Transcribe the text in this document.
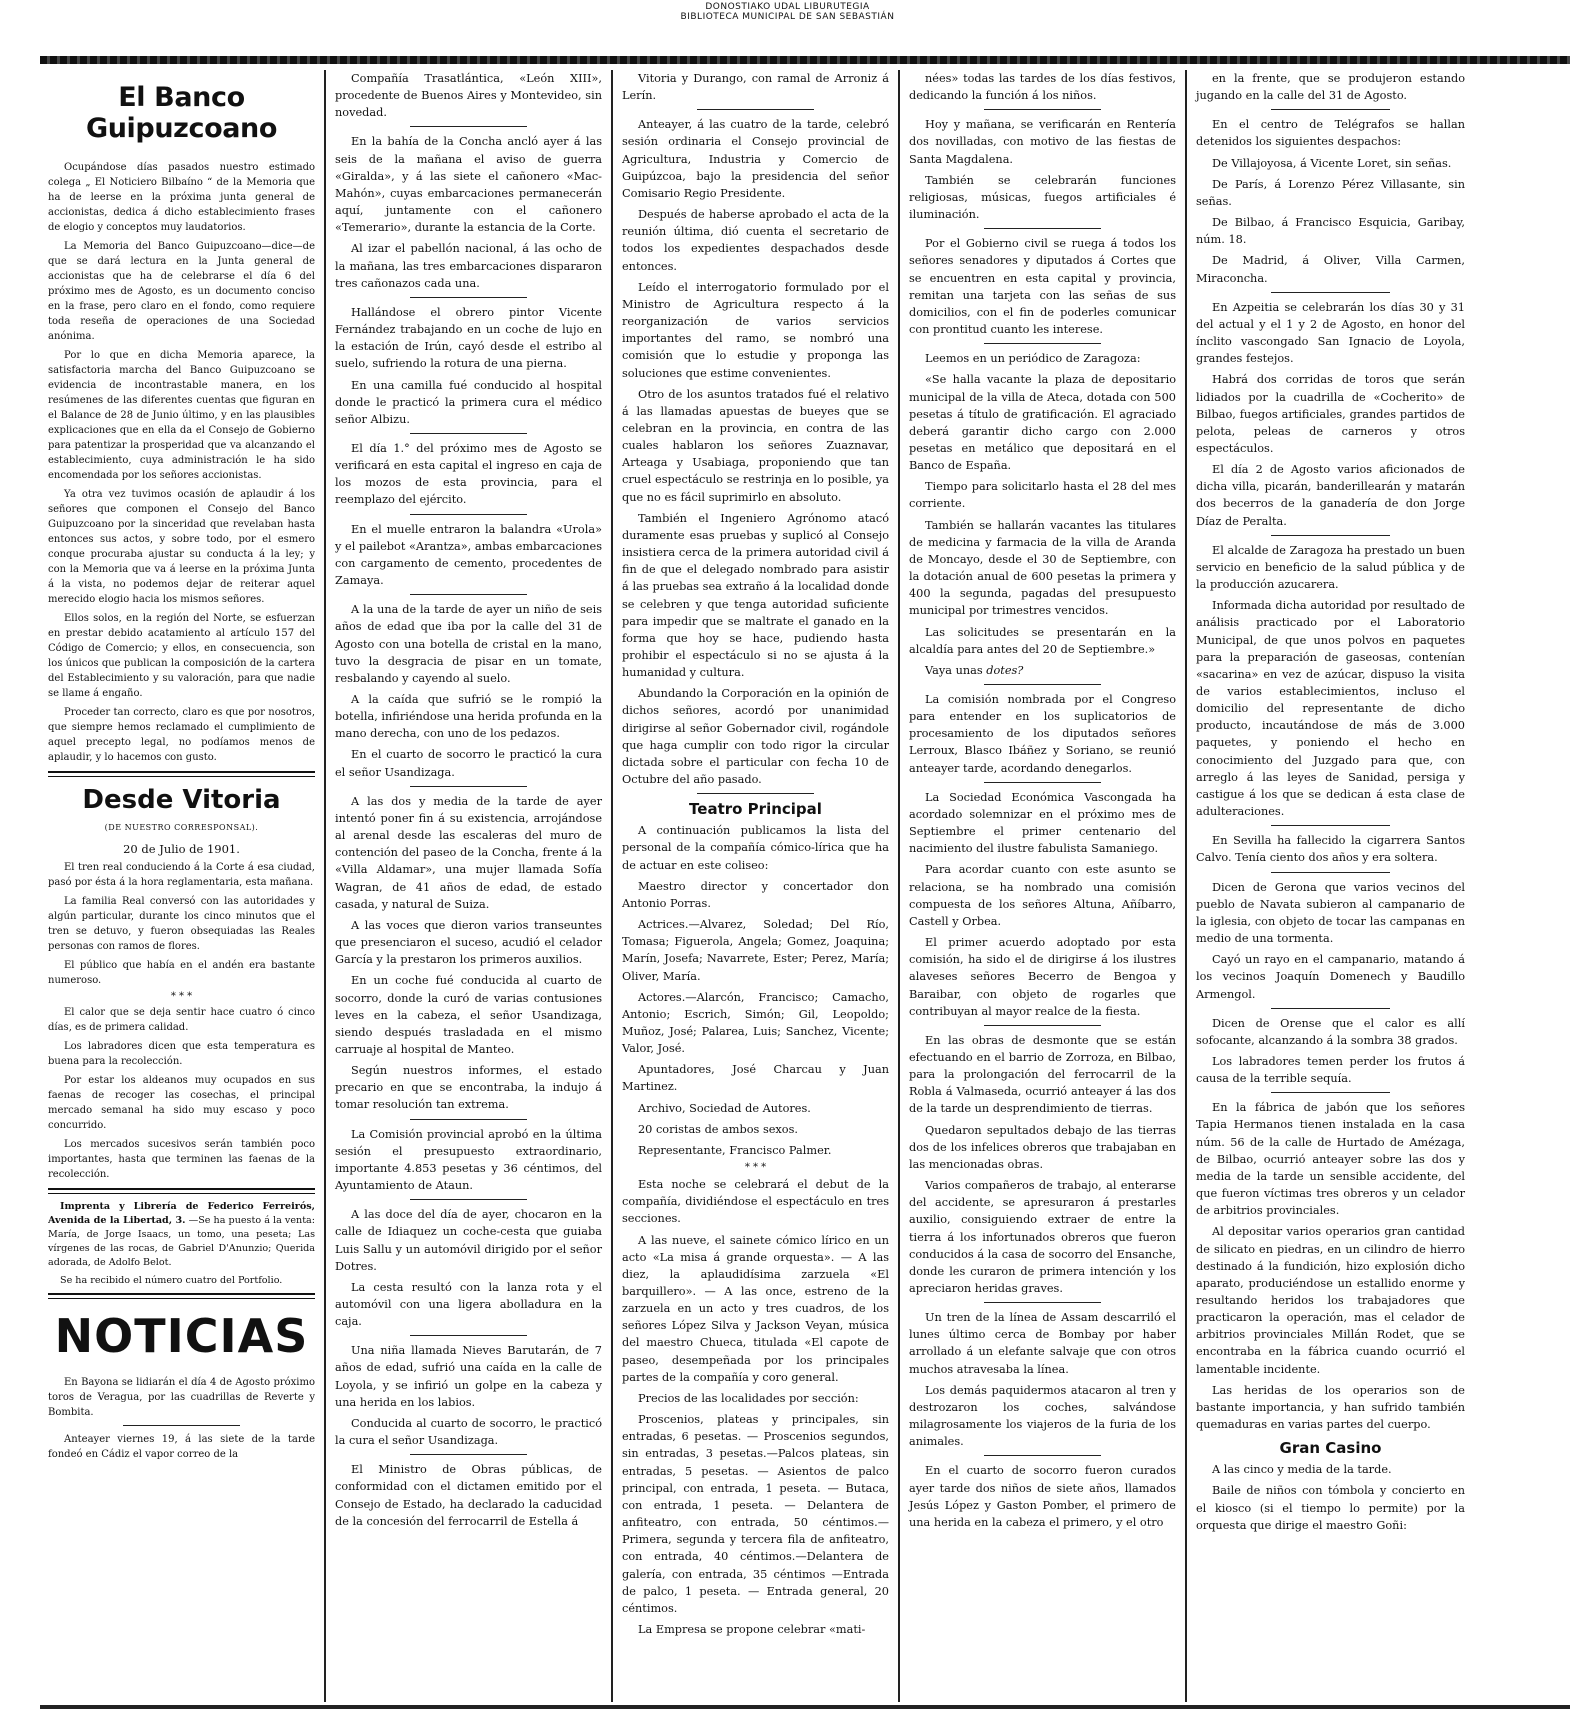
DONOSTIAKO UDAL LIBURUTEGIA
BIBLIOTECA MUNICIPAL DE SAN SEBASTIÁN
El Banco Guipuzcoano

Ocupándose días pasados nuestro estimado colega „ El Noticiero Bilbaíno “ de la Memoria que ha de leerse en la próxima junta general de accionistas, dedica á dicho establecimiento frases de elogio y conceptos muy laudatorios.

La Memoria del Banco Guipuzcoano—dice—de que se dará lectura en la Junta general de accionistas que ha de celebrarse el día 6 del próximo mes de Agosto, es un documento conciso en la frase, pero claro en el fondo, como requiere toda reseña de operaciones de una Sociedad anónima.

Por lo que en dicha Memoria aparece, la satisfactoria marcha del Banco Guipuzcoano se evidencia de incontrastable manera, en los resúmenes de las diferentes cuentas que figuran en el Balance de 28 de Junio último, y en las plausibles explicaciones que en ella da el Consejo de Gobierno para patentizar la prosperidad que va alcanzando el establecimiento, cuya administración le ha sido encomendada por los señores accionistas.

Ya otra vez tuvimos ocasión de aplaudir á los señores que componen el Consejo del Banco Guipuzcoano por la sinceridad que revelaban hasta entonces sus actos, y sobre todo, por el esmero conque procuraba ajustar su conducta á la ley; y con la Memoria que va á leerse en la próxima Junta á la vista, no podemos dejar de reiterar aquel merecido elogio hacia los mismos señores.

Ellos solos, en la región del Norte, se esfuerzan en prestar debido acatamiento al artículo 157 del Código de Comercio; y ellos, en consecuencia, son los únicos que publican la composición de la cartera del Establecimiento y su valoración, para que nadie se llame á engaño.

Proceder tan correcto, claro es que por nosotros, que siempre hemos reclamado el cumplimiento de aquel precepto legal, no podíamos menos de aplaudir, y lo hacemos con gusto.

Desde Vitoria
(DE NUESTRO CORRESPONSAL).
20 de Julio de 1901.

El tren real conduciendo á la Corte á esa ciudad, pasó por ésta á la hora reglamentaria, esta mañana.

La familia Real conversó con las autoridades y algún particular, durante los cinco minutos que el tren se detuvo, y fueron obsequiadas las Reales personas con ramos de flores.

El público que había en el andén era bastante numeroso.

* * *

El calor que se deja sentir hace cuatro ó cinco días, es de primera calidad.

Los labradores dicen que esta temperatura es buena para la recolección.

Por estar los aldeanos muy ocupados en sus faenas de recoger las cosechas, el principal mercado semanal ha sido muy escaso y poco concurrido.

Los mercados sucesivos serán también poco importantes, hasta que terminen las faenas de la recolección.

Imprenta y Librería de Federico Ferreirós, Avenida de la Libertad, 3. —Se ha puesto á la venta: María, de Jorge Isaacs, un tomo, una peseta; Las vírgenes de las rocas, de Gabriel D'Anunzio; Querida adorada, de Adolfo Belot.

Se ha recibido el número cuatro del Portfolio.

NOTICIAS

En Bayona se lidiarán el día 4 de Agosto próximo toros de Veragua, por las cuadrillas de Reverte y Bombita.

Anteayer viernes 19, á las siete de la tarde fondeó en Cádiz el vapor correo de la

Compañía Trasatlántica, «León XIII», procedente de Buenos Aires y Montevideo, sin novedad.

En la bahía de la Concha ancló ayer á las seis de la mañana el aviso de guerra «Giralda», y á las siete el cañonero «Mac-Mahón», cuyas embarcaciones permanecerán aquí, juntamente con el cañonero «Temerario», durante la estancia de la Corte.

Al izar el pabellón nacional, á las ocho de la mañana, las tres embarcaciones dispararon tres cañonazos cada una.

Hallándose el obrero pintor Vicente Fernández trabajando en un coche de lujo en la estación de Irún, cayó desde el estribo al suelo, sufriendo la rotura de una pierna.

En una camilla fué conducido al hospital donde le practicó la primera cura el médico señor Albizu.

El día 1.° del próximo mes de Agosto se verificará en esta capital el ingreso en caja de los mozos de esta provincia, para el reemplazo del ejército.

En el muelle entraron la balandra «Urola» y el pailebot «Arantza», ambas embarcaciones con cargamento de cemento, procedentes de Zamaya.

A la una de la tarde de ayer un niño de seis años de edad que iba por la calle del 31 de Agosto con una botella de cristal en la mano, tuvo la desgracia de pisar en un tomate, resbalando y cayendo al suelo.

A la caída que sufrió se le rompió la botella, infiriéndose una herida profunda en la mano derecha, con uno de los pedazos.

En el cuarto de socorro le practicó la cura el señor Usandizaga.

A las dos y media de la tarde de ayer intentó poner fin á su existencia, arrojándose al arenal desde las escaleras del muro de contención del paseo de la Concha, frente á la «Villa Aldamar», una mujer llamada Sofía Wagran, de 41 años de edad, de estado casada, y natural de Suiza.

A las voces que dieron varios transeuntes que presenciaron el suceso, acudió el celador García y la prestaron los primeros auxilios.

En un coche fué conducida al cuarto de socorro, donde la curó de varias contusiones leves en la cabeza, el señor Usandizaga, siendo después trasladada en el mismo carruaje al hospital de Manteo.

Según nuestros informes, el estado precario en que se encontraba, la indujo á tomar resolución tan extrema.

La Comisión provincial aprobó en la última sesión el presupuesto extraordinario, importante 4.853 pesetas y 36 céntimos, del Ayuntamiento de Ataun.

A las doce del día de ayer, chocaron en la calle de Idiaquez un coche-cesta que guiaba Luis Sallu y un automóvil dirigido por el señor Dotres.

La cesta resultó con la lanza rota y el automóvil con una ligera abolladura en la caja.

Una niña llamada Nieves Barutarán, de 7 años de edad, sufrió una caída en la calle de Loyola, y se infirió un golpe en la cabeza y una herida en los labios.

Conducida al cuarto de socorro, le practicó la cura el señor Usandizaga.

El Ministro de Obras públicas, de conformidad con el dictamen emitido por el Consejo de Estado, ha declarado la caducidad de la concesión del ferrocarril de Estella á

Vitoria y Durango, con ramal de Arroniz á Lerín.

Anteayer, á las cuatro de la tarde, celebró sesión ordinaria el Consejo provincial de Agricultura, Industria y Comercio de Guipúzcoa, bajo la presidencia del señor Comisario Regio Presidente.

Después de haberse aprobado el acta de la reunión última, dió cuenta el secretario de todos los expedientes despachados desde entonces.

Leído el interrogatorio formulado por el Ministro de Agricultura respecto á la reorganización de varios servicios importantes del ramo, se nombró una comisión que lo estudie y proponga las soluciones que estime convenientes.

Otro de los asuntos tratados fué el relativo á las llamadas apuestas de bueyes que se celebran en la provincia, en contra de las cuales hablaron los señores Zuaznavar, Arteaga y Usabiaga, proponiendo que tan cruel espectáculo se restrinja en lo posible, ya que no es fácil suprimirlo en absoluto.

También el Ingeniero Agrónomo atacó duramente esas pruebas y suplicó al Consejo insistiera cerca de la primera autoridad civil á fin de que el delegado nombrado para asistir á las pruebas sea extraño á la localidad donde se celebren y que tenga autoridad suficiente para impedir que se maltrate el ganado en la forma que hoy se hace, pudiendo hasta prohibir el espectáculo si no se ajusta á la humanidad y cultura.

Abundando la Corporación en la opinión de dichos señores, acordó por unanimidad dirigirse al señor Gobernador civil, rogándole que haga cumplir con todo rigor la circular dictada sobre el particular con fecha 10 de Octubre del año pasado.

Teatro Principal

A continuación publicamos la lista del personal de la compañía cómico-lírica que ha de actuar en este coliseo:

Maestro director y concertador don Antonio Porras.

Actrices.—Alvarez, Soledad; Del Río, Tomasa; Figuerola, Angela; Gomez, Joaquina; Marín, Josefa; Navarrete, Ester; Perez, María; Oliver, María.

Actores.—Alarcón, Francisco; Camacho, Antonio; Escrich, Simón; Gil, Leopoldo; Muñoz, José; Palarea, Luis; Sanchez, Vicente; Valor, José.

Apuntadores, José Charcau y Juan Martinez.

Archivo, Sociedad de Autores.

20 coristas de ambos sexos.

Representante, Francisco Palmer.

* * *

Esta noche se celebrará el debut de la compañía, dividiéndose el espectáculo en tres secciones.

A las nueve, el sainete cómico lírico en un acto «La misa á grande orquesta». — A las diez, la aplaudidísima zarzuela «El barquillero». — A las once, estreno de la zarzuela en un acto y tres cuadros, de los señores López Silva y Jackson Veyan, música del maestro Chueca, titulada «El capote de paseo, desempeñada por los principales partes de la compañía y coro general.

Precios de las localidades por sección:

Proscenios, plateas y principales, sin entradas, 6 pesetas. — Proscenios segundos, sin entradas, 3 pesetas.—Palcos plateas, sin entradas, 5 pesetas. — Asientos de palco principal, con entrada, 1 peseta. — Butaca, con entrada, 1 peseta. — Delantera de anfiteatro, con entrada, 50 céntimos.—Primera, segunda y tercera fila de anfiteatro, con entrada, 40 céntimos.—Delantera de galería, con entrada, 35 céntimos —Entrada de palco, 1 peseta. — Entrada general, 20 céntimos.

La Empresa se propone celebrar «mati-

nées» todas las tardes de los días festivos, dedicando la función á los niños.

Hoy y mañana, se verificarán en Rentería dos novilladas, con motivo de las fiestas de Santa Magdalena.

También se celebrarán funciones religiosas, músicas, fuegos artificiales é iluminación.

Por el Gobierno civil se ruega á todos los señores senadores y diputados á Cortes que se encuentren en esta capital y provincia, remitan una tarjeta con las señas de sus domicilios, con el fin de poderles comunicar con prontitud cuanto les interese.

Leemos en un periódico de Zaragoza:

«Se halla vacante la plaza de depositario municipal de la villa de Ateca, dotada con 500 pesetas á título de gratificación. El agraciado deberá garantir dicho cargo con 2.000 pesetas en metálico que depositará en el Banco de España.

Tiempo para solicitarlo hasta el 28 del mes corriente.

También se hallarán vacantes las titulares de medicina y farmacia de la villa de Aranda de Moncayo, desde el 30 de Septiembre, con la dotación anual de 600 pesetas la primera y 400 la segunda, pagadas del presupuesto municipal por trimestres vencidos.

Las solicitudes se presentarán en la alcaldía para antes del 20 de Septiembre.»

Vaya unas dotes?

La comisión nombrada por el Congreso para entender en los suplicatorios de procesamiento de los diputados señores Lerroux, Blasco Ibáñez y Soriano, se reunió anteayer tarde, acordando denegarlos.

La Sociedad Económica Vascongada ha acordado solemnizar en el próximo mes de Septiembre el primer centenario del nacimiento del ilustre fabulista Samaniego.

Para acordar cuanto con este asunto se relaciona, se ha nombrado una comisión compuesta de los señores Altuna, Añíbarro, Castell y Orbea.

El primer acuerdo adoptado por esta comisión, ha sido el de dirigirse á los ilustres alaveses señores Becerro de Bengoa y Baraibar, con objeto de rogarles que contribuyan al mayor realce de la fiesta.

En las obras de desmonte que se están efectuando en el barrio de Zorroza, en Bilbao, para la prolongación del ferrocarril de la Robla á Valmaseda, ocurrió anteayer á las dos de la tarde un desprendimiento de tierras.

Quedaron sepultados debajo de las tierras dos de los infelices obreros que trabajaban en las mencionadas obras.

Varios compañeros de trabajo, al enterarse del accidente, se apresuraron á prestarles auxilio, consiguiendo extraer de entre la tierra á los infortunados obreros que fueron conducidos á la casa de socorro del Ensanche, donde les curaron de primera intención y los apreciaron heridas graves.

Un tren de la línea de Assam descarriló el lunes último cerca de Bombay por haber arrollado á un elefante salvaje que con otros muchos atravesaba la línea.

Los demás paquidermos atacaron al tren y destrozaron los coches, salvándose milagrosamente los viajeros de la furia de los animales.

En el cuarto de socorro fueron curados ayer tarde dos niños de siete años, llamados Jesús López y Gaston Pomber, el primero de una herida en la cabeza el primero, y el otro

en la frente, que se produjeron estando jugando en la calle del 31 de Agosto.

En el centro de Telégrafos se hallan detenidos los siguientes despachos:

De Villajoyosa, á Vicente Loret, sin señas.

De París, á Lorenzo Pérez Villasante, sin señas.

De Bilbao, á Francisco Esquicia, Garibay, núm. 18.

De Madrid, á Oliver, Villa Carmen, Miraconcha.

En Azpeitia se celebrarán los días 30 y 31 del actual y el 1 y 2 de Agosto, en honor del ínclito vascongado San Ignacio de Loyola, grandes festejos.

Habrá dos corridas de toros que serán lidiados por la cuadrilla de «Cocherito» de Bilbao, fuegos artificiales, grandes partidos de pelota, peleas de carneros y otros espectáculos.

El día 2 de Agosto varios aficionados de dicha villa, picarán, banderillearán y matarán dos becerros de la ganadería de don Jorge Díaz de Peralta.

El alcalde de Zaragoza ha prestado un buen servicio en beneficio de la salud pública y de la producción azucarera.

Informada dicha autoridad por resultado de análisis practicado por el Laboratorio Municipal, de que unos polvos en paquetes para la preparación de gaseosas, contenían «sacarina» en vez de azúcar, dispuso la visita de varios establecimientos, incluso el domicilio del representante de dicho producto, incautándose de más de 3.000 paquetes, y poniendo el hecho en conocimiento del Juzgado para que, con arreglo á las leyes de Sanidad, persiga y castigue á los que se dedican á esta clase de adulteraciones.

En Sevilla ha fallecido la cigarrera Santos Calvo. Tenía ciento dos años y era soltera.

Dicen de Gerona que varios vecinos del pueblo de Navata subieron al campanario de la iglesia, con objeto de tocar las campanas en medio de una tormenta.

Cayó un rayo en el campanario, matando á los vecinos Joaquín Domenech y Baudillo Armengol.

Dicen de Orense que el calor es allí sofocante, alcanzando á la sombra 38 grados.

Los labradores temen perder los frutos á causa de la terrible sequía.

En la fábrica de jabón que los señores Tapia Hermanos tienen instalada en la casa núm. 56 de la calle de Hurtado de Amézaga, de Bilbao, ocurrió anteayer sobre las dos y media de la tarde un sensible accidente, del que fueron víctimas tres obreros y un celador de arbitrios provinciales.

Al depositar varios operarios gran cantidad de silicato en piedras, en un cilindro de hierro destinado á la fundición, hizo explosión dicho aparato, produciéndose un estallido enorme y resultando heridos los trabajadores que practicaron la operación, mas el celador de arbitrios provinciales Millán Rodet, que se encontraba en la fábrica cuando ocurrió el lamentable incidente.

Las heridas de los operarios son de bastante importancia, y han sufrido también quemaduras en varias partes del cuerpo.

Gran Casino

A las cinco y media de la tarde.

Baile de niños con tómbola y concierto en el kiosco (si el tiempo lo permite) por la orquesta que dirige el maestro Goñi:
